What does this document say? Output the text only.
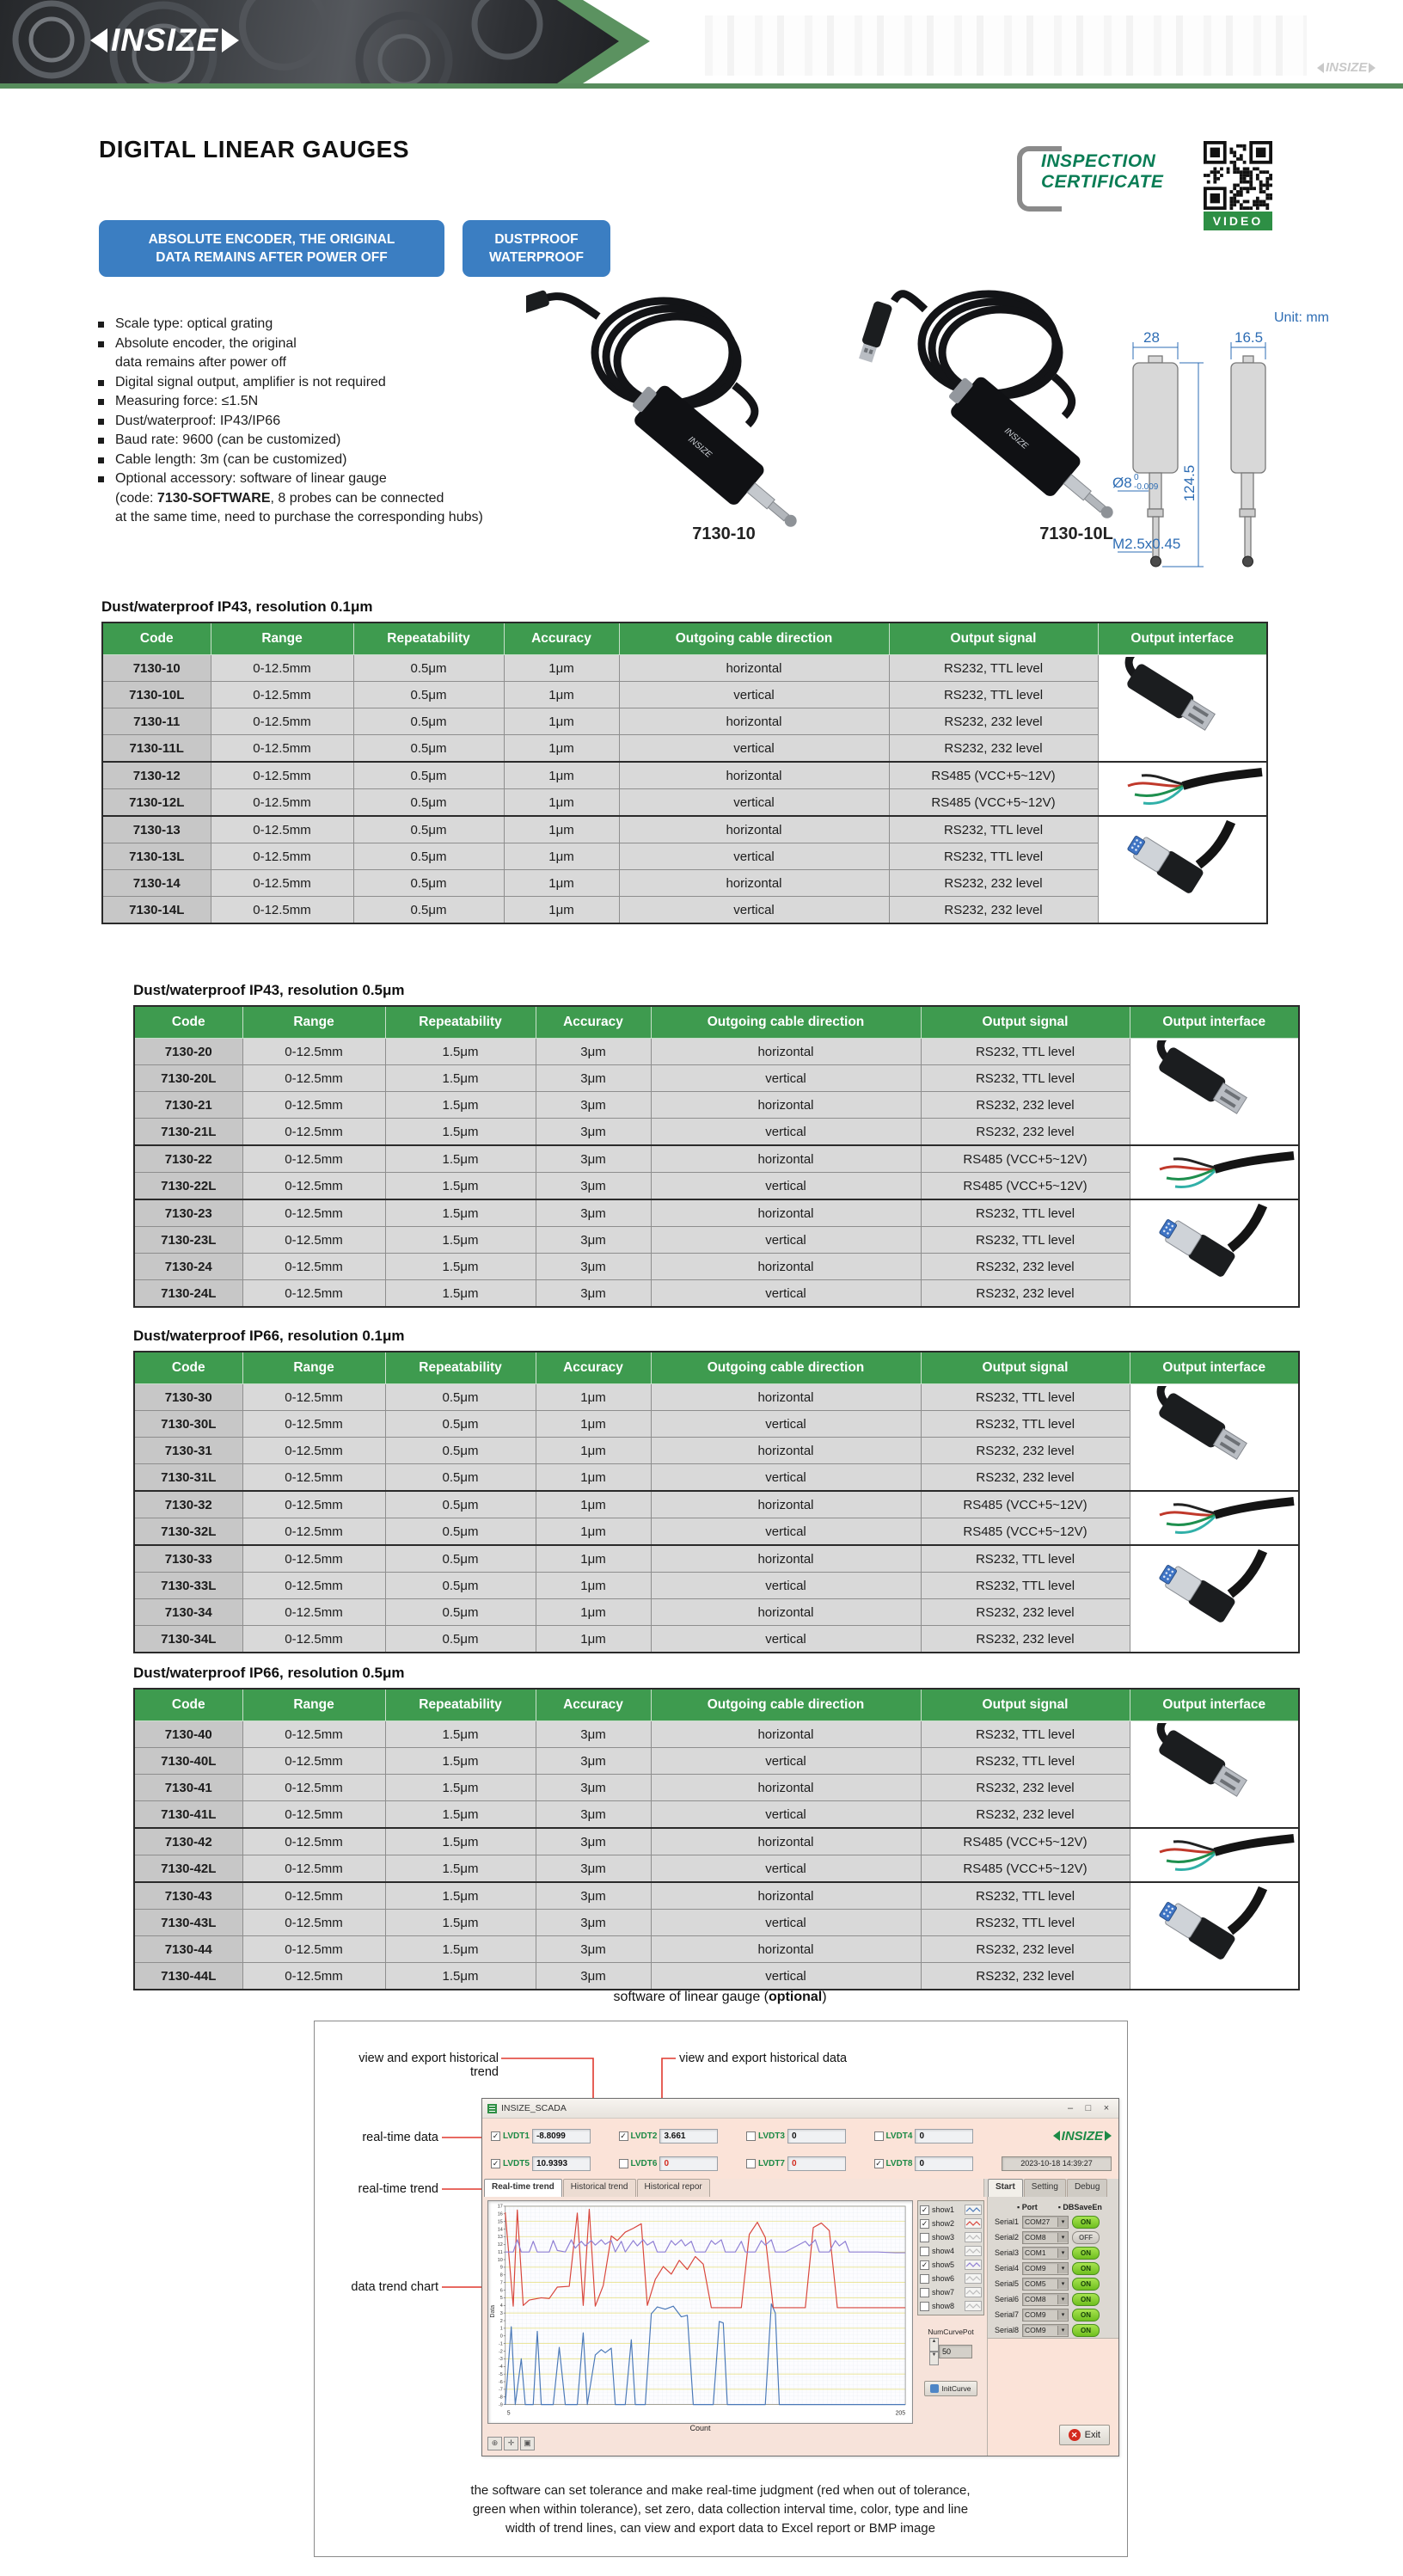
INSIZE
INSIZE
DIGITAL LINEAR GAUGES	INSPECTION
CERTIFICATE
VIDEO
ABSOLUTE ENCODER, THE ORIGINAL
DATA REMAINS AFTER POWER OFF
DUSTPROOF
WATERPROOF
Scale type: optical grating
Absolute encoder, the original
data remains after power off
Digital signal output, amplifier is not required
Measuring force: ≤1.5N
Dust/waterproof: IP43/IP66
Baud rate: 9600 (can be customized)
Cable length: 3m (can be customized)
Optional accessory: software of linear gauge
(code: 7130-SOFTWARE, 8 probes can be connected
at the same time, need to purchase the corresponding hubs)
INSIZE	INSIZE
7130-10	7130-10L
28	16.5
124.5
Ø8 0
-0.009
M2.5x0.45
Unit: mm
Dust/waterproof IP43, resolution 0.1μm
Code	Range	Repeatability	Accuracy	Outgoing cable direction	Output signal	Output interface
7130-10	0-12.5mm	0.5μm	1μm	horizontal	RS232, TTL level	
7130-10L	0-12.5mm	0.5μm	1μm	vertical	RS232, TTL level	
7130-11	0-12.5mm	0.5μm	1μm	horizontal	RS232, 232 level	
7130-11L	0-12.5mm	0.5μm	1μm	vertical	RS232, 232 level	
7130-12	0-12.5mm	0.5μm	1μm	horizontal	RS485 (VCC+5~12V)	
7130-12L	0-12.5mm	0.5μm	1μm	vertical	RS485 (VCC+5~12V)	
7130-13	0-12.5mm	0.5μm	1μm	horizontal	RS232, TTL level	
7130-13L	0-12.5mm	0.5μm	1μm	vertical	RS232, TTL level	
7130-14	0-12.5mm	0.5μm	1μm	horizontal	RS232, 232 level	
7130-14L	0-12.5mm	0.5μm	1μm	vertical	RS232, 232 level	
Dust/waterproof IP43, resolution 0.5μm
Code	Range	Repeatability	Accuracy	Outgoing cable direction	Output signal	Output interface
7130-20	0-12.5mm	1.5μm	3μm	horizontal	RS232, TTL level	
7130-20L	0-12.5mm	1.5μm	3μm	vertical	RS232, TTL level	
7130-21	0-12.5mm	1.5μm	3μm	horizontal	RS232, 232 level	
7130-21L	0-12.5mm	1.5μm	3μm	vertical	RS232, 232 level	
7130-22	0-12.5mm	1.5μm	3μm	horizontal	RS485 (VCC+5~12V)	
7130-22L	0-12.5mm	1.5μm	3μm	vertical	RS485 (VCC+5~12V)	
7130-23	0-12.5mm	1.5μm	3μm	horizontal	RS232, TTL level	
7130-23L	0-12.5mm	1.5μm	3μm	vertical	RS232, TTL level	
7130-24	0-12.5mm	1.5μm	3μm	horizontal	RS232, 232 level	
7130-24L	0-12.5mm	1.5μm	3μm	vertical	RS232, 232 level	
Dust/waterproof IP66, resolution 0.1μm
Code	Range	Repeatability	Accuracy	Outgoing cable direction	Output signal	Output interface
7130-30	0-12.5mm	0.5μm	1μm	horizontal	RS232, TTL level	
7130-30L	0-12.5mm	0.5μm	1μm	vertical	RS232, TTL level	
7130-31	0-12.5mm	0.5μm	1μm	horizontal	RS232, 232 level	
7130-31L	0-12.5mm	0.5μm	1μm	vertical	RS232, 232 level	
7130-32	0-12.5mm	0.5μm	1μm	horizontal	RS485 (VCC+5~12V)	
7130-32L	0-12.5mm	0.5μm	1μm	vertical	RS485 (VCC+5~12V)	
7130-33	0-12.5mm	0.5μm	1μm	horizontal	RS232, TTL level	
7130-33L	0-12.5mm	0.5μm	1μm	vertical	RS232, TTL level	
7130-34	0-12.5mm	0.5μm	1μm	horizontal	RS232, 232 level	
7130-34L	0-12.5mm	0.5μm	1μm	vertical	RS232, 232 level	
Dust/waterproof IP66, resolution 0.5μm
Code	Range	Repeatability	Accuracy	Outgoing cable direction	Output signal	Output interface
7130-40	0-12.5mm	1.5μm	3μm	horizontal	RS232, TTL level	
7130-40L	0-12.5mm	1.5μm	3μm	vertical	RS232, TTL level	
7130-41	0-12.5mm	1.5μm	3μm	horizontal	RS232, 232 level	
7130-41L	0-12.5mm	1.5μm	3μm	vertical	RS232, 232 level	
7130-42	0-12.5mm	1.5μm	3μm	horizontal	RS485 (VCC+5~12V)	
7130-42L	0-12.5mm	1.5μm	3μm	vertical	RS485 (VCC+5~12V)	
7130-43	0-12.5mm	1.5μm	3μm	horizontal	RS232, TTL level	
7130-43L	0-12.5mm	1.5μm	3μm	vertical	RS232, TTL level	
7130-44	0-12.5mm	1.5μm	3μm	horizontal	RS232, 232 level	
7130-44L	0-12.5mm	1.5μm	3μm	vertical	RS232, 232 level	
software of linear gauge (optional)
view and export historical trend
view and export historical data
real-time data
real-time trend
data trend chart
INSIZE_SCADA	–	□	×
✓ LVDT1 -8.8099	✓ LVDT2 3.661	LVDT3 0	LVDT4 0	INSIZE
✓ LVDT5 10.9393	LVDT6 0	LVDT7 0	✓ LVDT8 0	2023-10-18 14:39:27
Real-time trend	Historical trend	Historical repor	Start	Setting	Debug
-9
-8
-7
-6
-5
-4
-3
-2
-1
0
1
2
3
4
5
6
7
8
9
10
11
12
13
14
15
16
17
5	205
Data
Count
⊕	✛	▣
✓ show1
✓ show2
show3
show4
✓ show5
show6
show7
show8
NumCurvePot
▲
▼ 50
InitCurve
▪ Port	▪ DBSaveEn
Serial1 COM27	▾	ON
Serial2 COM8	▾	OFF
Serial3 COM1	▾	ON
Serial4 COM9	▾	ON
Serial5 COM5	▾	ON
Serial6 COM8	▾	ON
Serial7 COM9	▾	ON
Serial8 COM9	▾	ON
✕ Exit
the software can set tolerance and make real-time judgment (red when out of tolerance,
green when within tolerance), set zero, data collection interval time, color, type and line
width of trend lines, can view and export data to Excel report or BMP image
